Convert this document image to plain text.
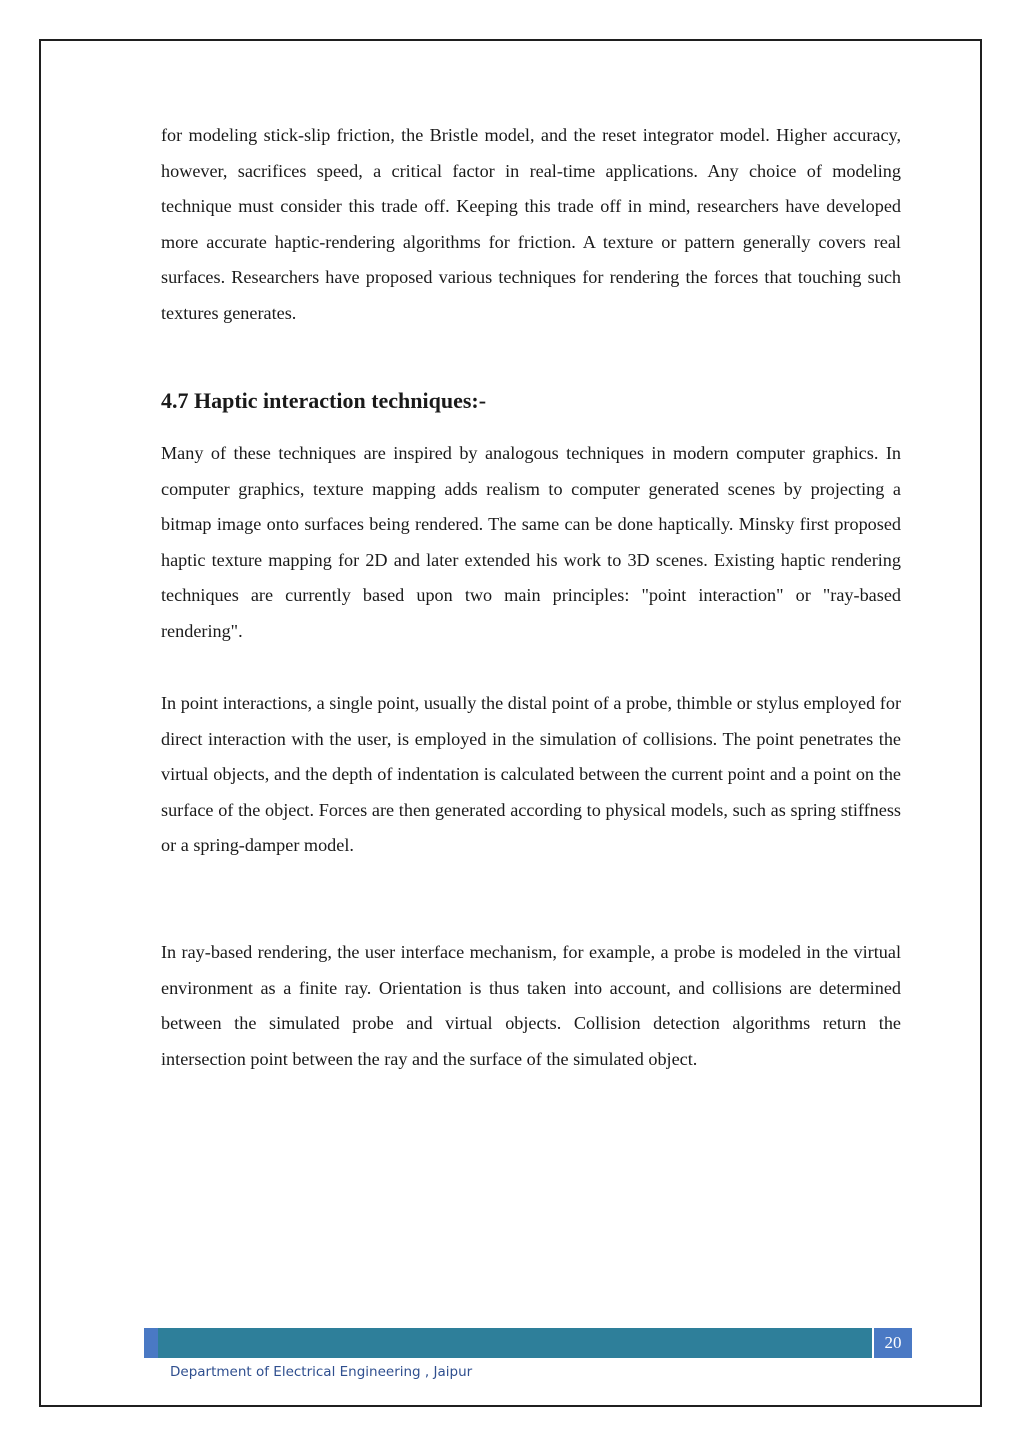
for modeling stick-slip friction, the Bristle model, and the reset integrator model. Higher accuracy, however, sacrifices speed, a critical factor in real-time applications. Any choice of modeling technique must consider this trade off. Keeping this trade off in mind, researchers have developed more accurate haptic-rendering algorithms for friction. A texture or pattern generally covers real surfaces. Researchers have proposed various techniques for rendering the forces that touching such textures generates.

4.7 Haptic interaction techniques:-

Many of these techniques are inspired by analogous techniques in modern computer graphics. In computer graphics, texture mapping adds realism to computer generated scenes by projecting a bitmap image onto surfaces being rendered. The same can be done haptically. Minsky first proposed haptic texture mapping for 2D and later extended his work to 3D scenes. Existing haptic rendering techniques are currently based upon two main principles: "point interaction" or "ray-based rendering".

In point interactions, a single point, usually the distal point of a probe, thimble or stylus employed for direct interaction with the user, is employed in the simulation of collisions. The point penetrates the virtual objects, and the depth of indentation is calculated between the current point and a point on the surface of the object. Forces are then generated according to physical models, such as spring stiffness or a spring-damper model.

In ray-based rendering, the user interface mechanism, for example, a probe is modeled in the virtual environment as a finite ray. Orientation is thus taken into account, and collisions are determined between the simulated probe and virtual objects. Collision detection algorithms return the intersection point between the ray and the surface of the simulated object.

20
Department of Electrical Engineering , Jaipur
